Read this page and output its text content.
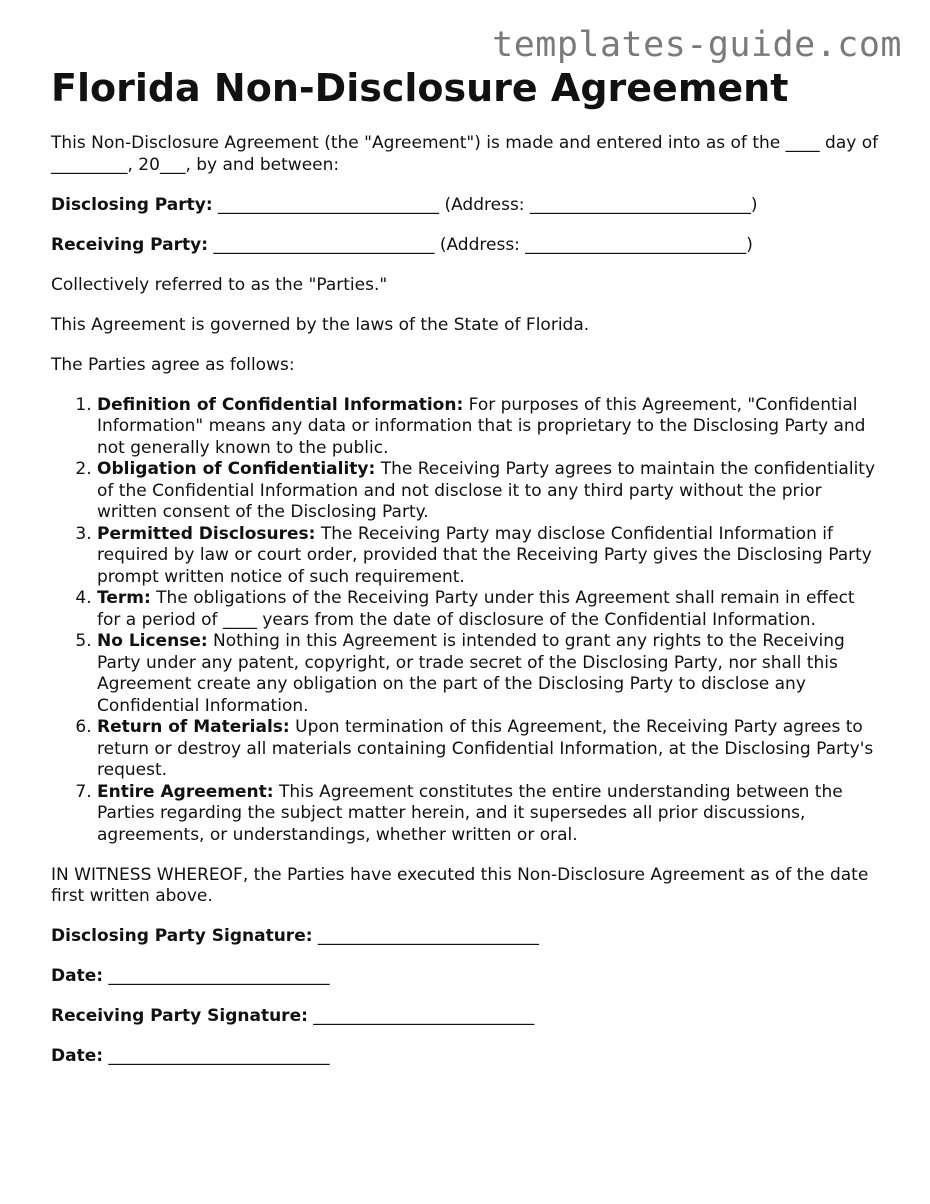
templates-guide.com
Florida Non-Disclosure Agreement

This Non-Disclosure Agreement (the "Agreement") is made and entered into as of the ____ day of _________, 20___, by and between:

Disclosing Party: __________________________ (Address: __________________________)

Receiving Party: __________________________ (Address: __________________________)

Collectively referred to as the "Parties."

This Agreement is governed by the laws of the State of Florida.

The Parties agree as follows:

1. Definition of Confidential Information: For purposes of this Agreement, "Confidential Information" means any data or information that is proprietary to the Disclosing Party and not generally known to the public.
2. Obligation of Confidentiality: The Receiving Party agrees to maintain the confidentiality of the Confidential Information and not disclose it to any third party without the prior written consent of the Disclosing Party.
3. Permitted Disclosures: The Receiving Party may disclose Confidential Information if required by law or court order, provided that the Receiving Party gives the Disclosing Party prompt written notice of such requirement.
4. Term: The obligations of the Receiving Party under this Agreement shall remain in effect for a period of ____ years from the date of disclosure of the Confidential Information.
5. No License: Nothing in this Agreement is intended to grant any rights to the Receiving Party under any patent, copyright, or trade secret of the Disclosing Party, nor shall this Agreement create any obligation on the part of the Disclosing Party to disclose any Confidential Information.
6. Return of Materials: Upon termination of this Agreement, the Receiving Party agrees to return or destroy all materials containing Confidential Information, at the Disclosing Party's request.
7. Entire Agreement: This Agreement constitutes the entire understanding between the Parties regarding the subject matter herein, and it supersedes all prior discussions, agreements, or understandings, whether written or oral.

IN WITNESS WHEREOF, the Parties have executed this Non-Disclosure Agreement as of the date first written above.

Disclosing Party Signature: __________________________

Date: __________________________

Receiving Party Signature: __________________________

Date: __________________________
